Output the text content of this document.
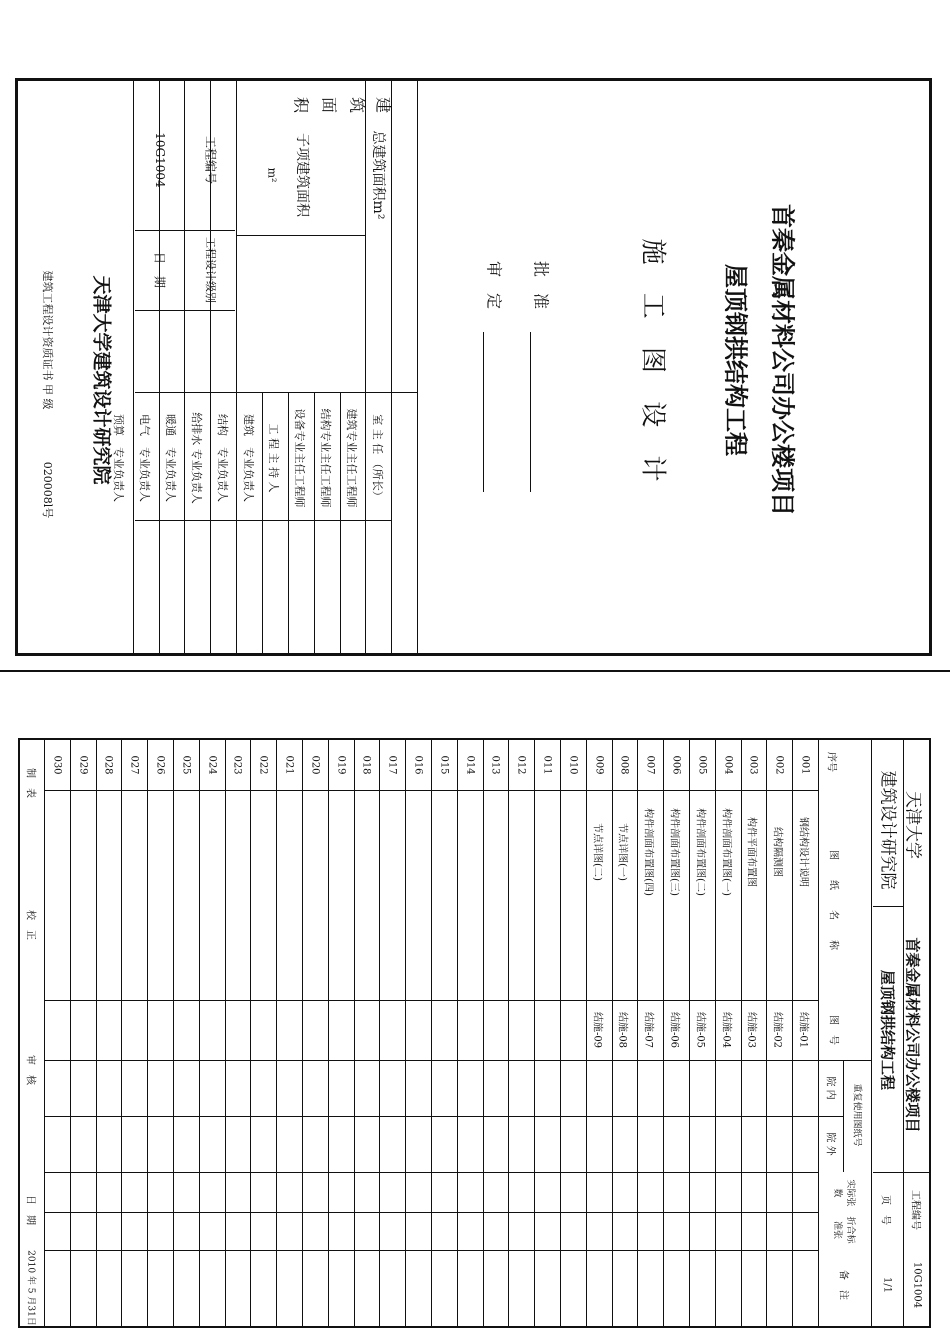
首秦金属材料公司办公楼项目
屋顶钢拱结构工程
施 工 图 设 计
批　准
审　定
建
筑
面
积
总建筑面积m²
子项建筑面积
m²
工程编号
10G1004
工程设计级别
日　期
室 主 任 （所长）
建筑专业主任工程师
结构专业主任工程师
设备专业主任工程师
工 程 主 持 人
建筑　专业负责人
结构　专业负责人
给排水 专业负责人
暖通　专业负责人
电气　专业负责人
预算　专业负责人
天津大学建筑设计研究院
建筑工程设计资质证书 甲 级
020008l号
天津大学
建筑设计研究院
首秦金属材料公司办公楼项目
屋顶钢拱结构工程
工程编号
10G1004
页　号
1/1
序号
图　　纸　　名　　称
图　号
重复使用图纸号
院 内
院 外
实际张数
折合标准张
备　注
001
钢结构设计说明
结施-01
002
结构隔测图
结施-02
003
构件平面布置图
结施-03
004
构件剖面布置图(一)
结施-04
005
构件剖面布置图(二)
结施-05
006
构件剖面布置图(三)
结施-06
007
构件剖面布置图(四)
结施-07
008
节点详图(一)
结施-08
009
节点详图(二)
结施-09
010
011
012
013
014
015
016
017
018
019
020
021
022
023
024
025
026
027
028
029
030
制　表
校　正
审　核
日　期
2010 年 5 月31日
